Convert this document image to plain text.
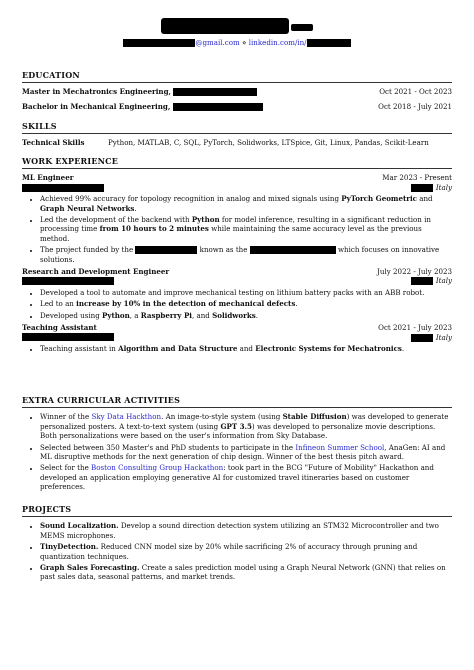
@gmail.com ⋄ linkedin.com/in/
EDUCATION
Master in Mechatronics Engineering,	Oct 2021 - Oct 2023
Bachelor in Mechanical Engineering,	Oct 2018 - July 2021
SKILLS
Technical Skills	Python, MATLAB, C, SQL, PyTorch, Solidworks, LTSpice, Git, Linux, Pandas, Scikit-Learn
WORK EXPERIENCE
ML Engineer	Mar 2023 - Present
Italy
• Achieved 99% accuracy for topology recognition in analog and mixed signals using PyTorch Geometric and Graph Neural Networks.
• Led the development of the backend with Python for model inference, resulting in a significant reduction in processing time from 10 hours to 2 minutes while maintaining the same accuracy level as the previous method.
• The project funded by the	known as the	which focuses on innovative solutions.
Research and Development Engineer	July 2022 - July 2023
Italy
• Developed a tool to automate and improve mechanical testing on lithium battery packs with an ABB robot.
• Led to an increase by 10% in the detection of mechanical defects.
• Developed using Python, a Raspberry Pi, and Solidworks.
Teaching Assistant	Oct 2021 - July 2023
Italy
• Teaching assistant in Algorithm and Data Structure and Electronic Systems for Mechatronics.
EXTRA CURRICULAR ACTIVITIES
• Winner of the Sky Data Hackthon. An image-to-style system (using Stable Diffusion) was developed to generate personalized posters. A text-to-text system (using GPT 3.5) was developed to personalize movie descriptions. Both personalizations were based on the user's information from Sky Database.
• Selected between 350 Master's and PhD students to participate in the Infineon Summer School, AnaGen: AI and ML disruptive methods for the next generation of chip design. Winner of the best thesis pitch award.
• Select for the Boston Consulting Group Hackathon: took part in the BCG "Future of Mobility" Hackathon and developed an application employing generative AI for customized travel itineraries based on customer preferences.
PROJECTS
• Sound Localization. Develop a sound direction detection system utilizing an STM32 Microcontroller and two MEMS microphones.
• TinyDetection. Reduced CNN model size by 20% while sacrificing 2% of accuracy through pruning and quantization techniques.
• Graph Sales Forecasting. Create a sales prediction model using a Graph Neural Network (GNN) that relies on past sales data, seasonal patterns, and market trends.
